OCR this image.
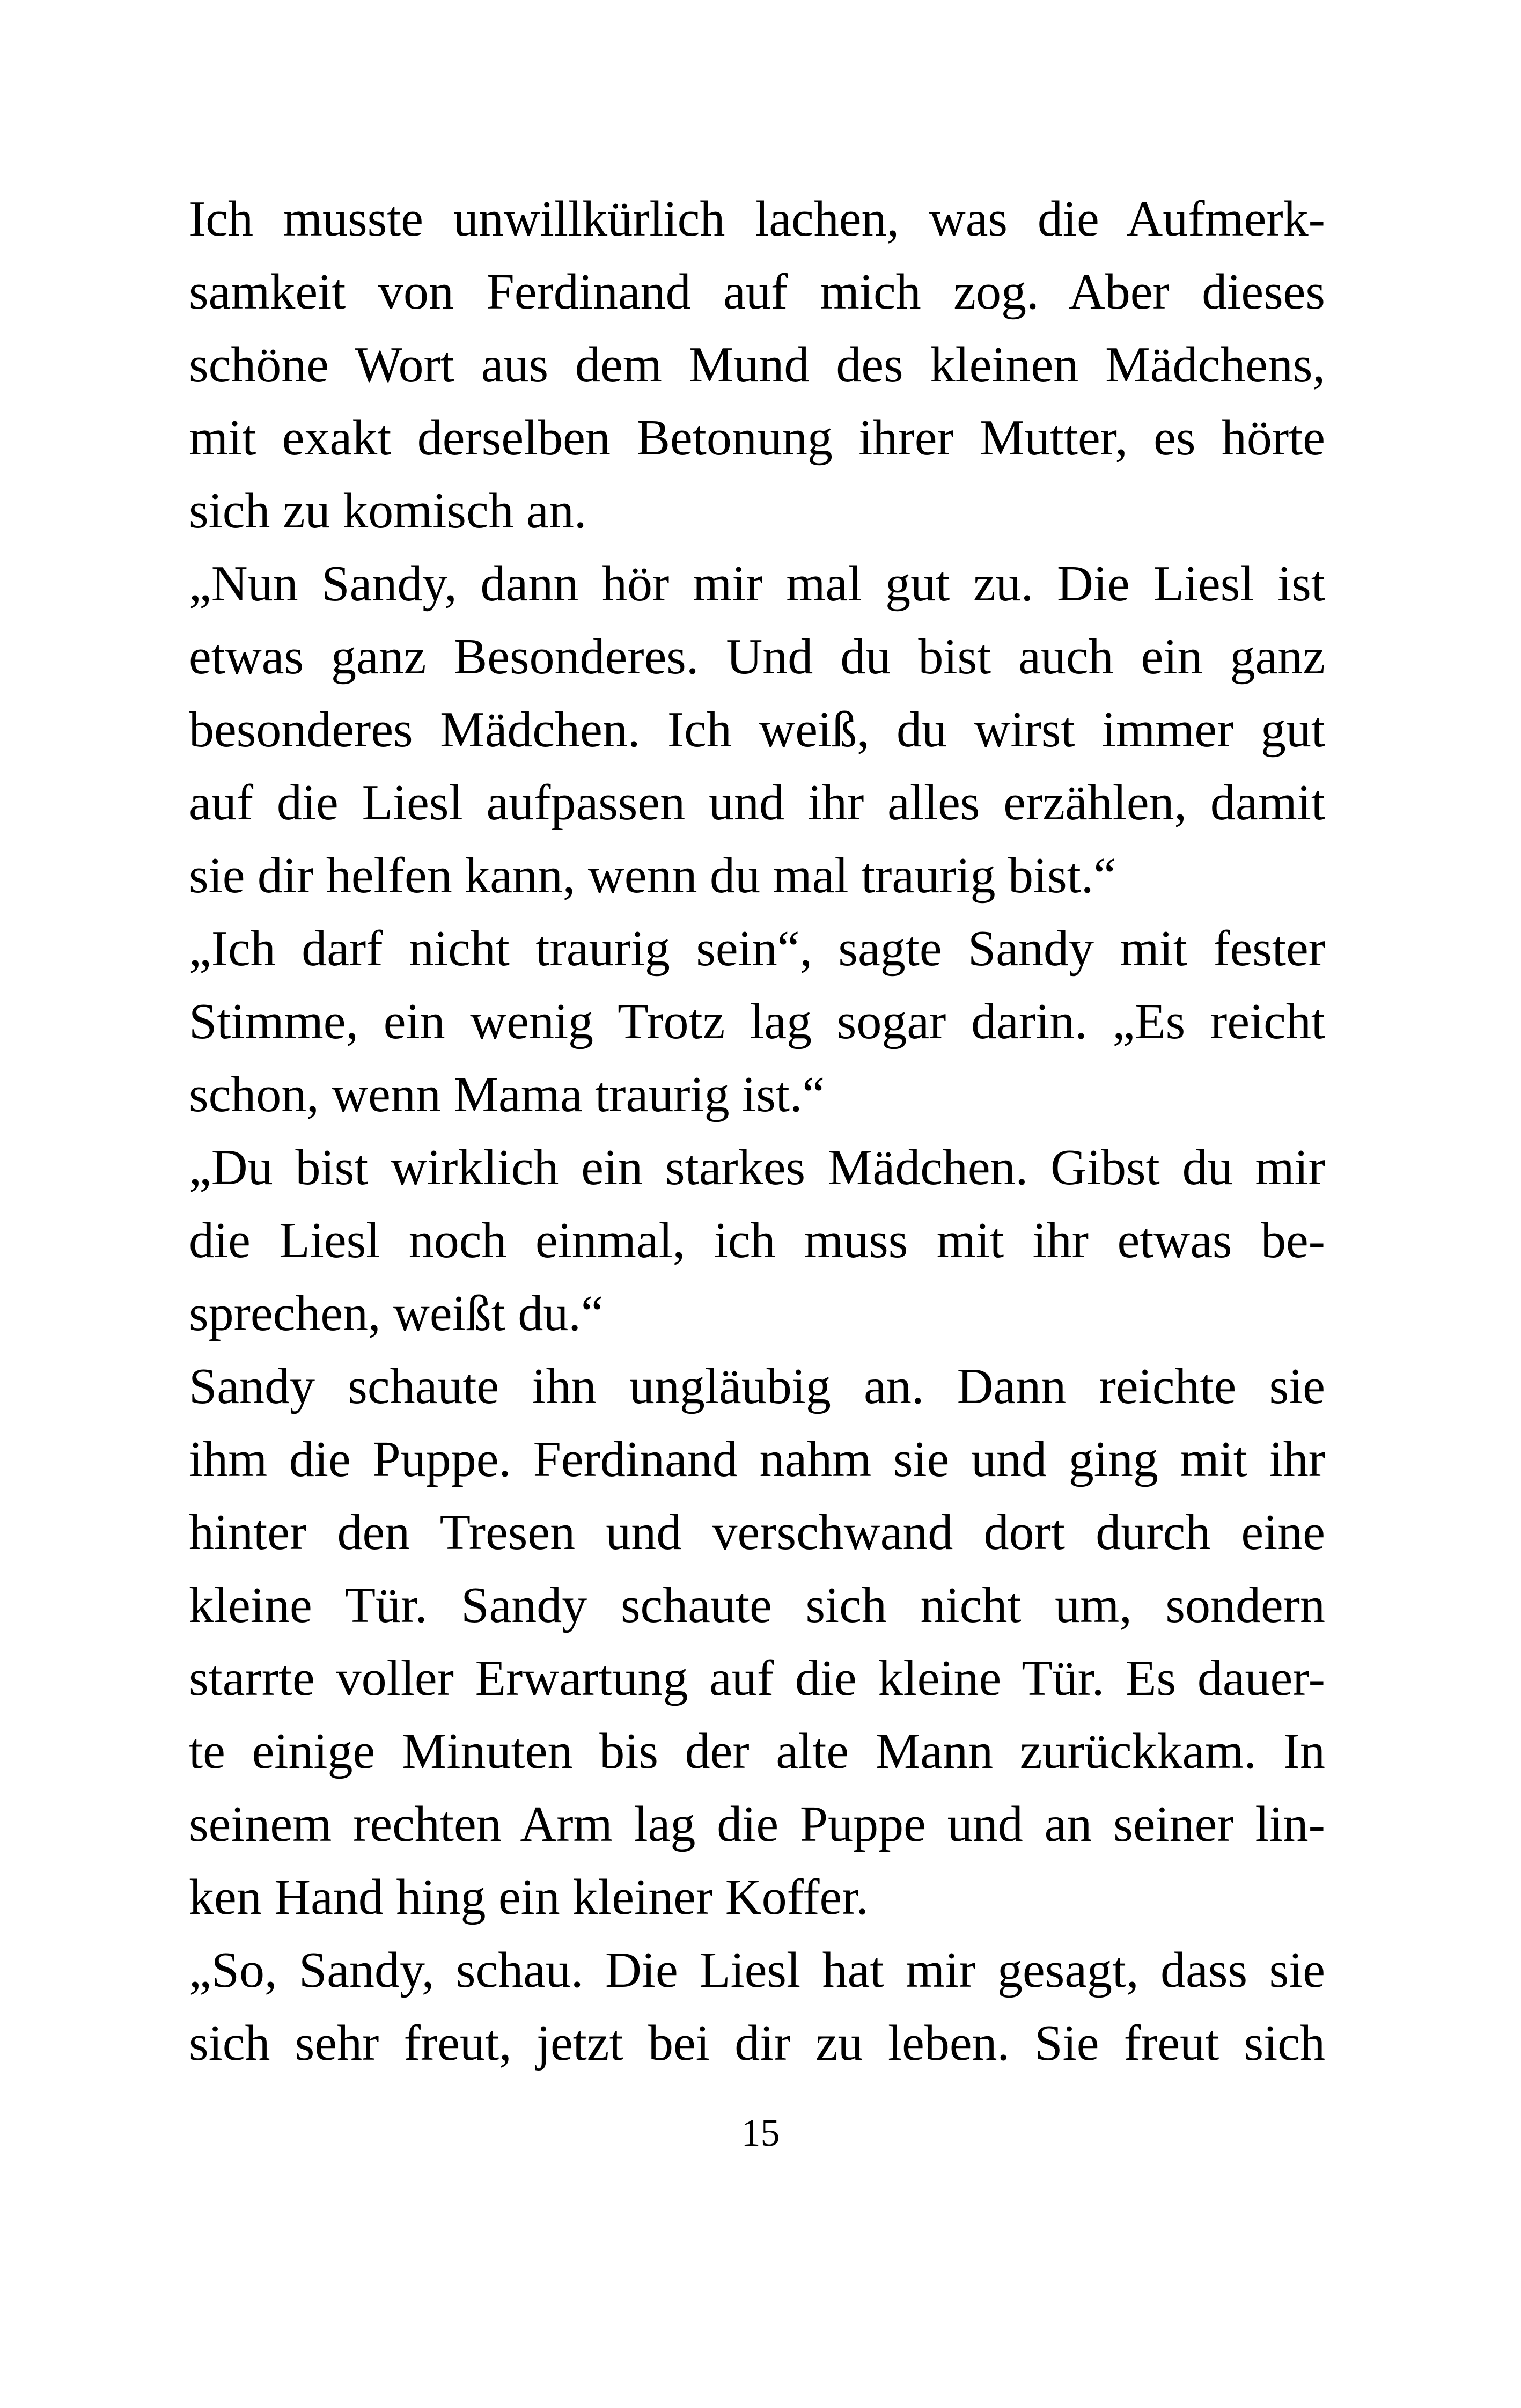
Ich musste unwillkürlich lachen, was die Aufmerk-
samkeit von Ferdinand auf mich zog. Aber dieses
schöne Wort aus dem Mund des kleinen Mädchens,
mit exakt derselben Betonung ihrer Mutter, es hörte
sich zu komisch an.
„Nun Sandy, dann hör mir mal gut zu. Die Liesl ist
etwas ganz Besonderes. Und du bist auch ein ganz
besonderes Mädchen. Ich weiß, du wirst immer gut
auf die Liesl aufpassen und ihr alles erzählen, damit
sie dir helfen kann, wenn du mal traurig bist.“
„Ich darf nicht traurig sein“, sagte Sandy mit fester
Stimme, ein wenig Trotz lag sogar darin. „Es reicht
schon, wenn Mama traurig ist.“
„Du bist wirklich ein starkes Mädchen. Gibst du mir
die Liesl noch einmal, ich muss mit ihr etwas be-
sprechen, weißt du.“
Sandy schaute ihn ungläubig an. Dann reichte sie
ihm die Puppe. Ferdinand nahm sie und ging mit ihr
hinter den Tresen und verschwand dort durch eine
kleine Tür. Sandy schaute sich nicht um, sondern
starrte voller Erwartung auf die kleine Tür. Es dauer-
te einige Minuten bis der alte Mann zurückkam. In
seinem rechten Arm lag die Puppe und an seiner lin-
ken Hand hing ein kleiner Koffer.
„So, Sandy, schau. Die Liesl hat mir gesagt, dass sie
sich sehr freut, jetzt bei dir zu leben. Sie freut sich
15
